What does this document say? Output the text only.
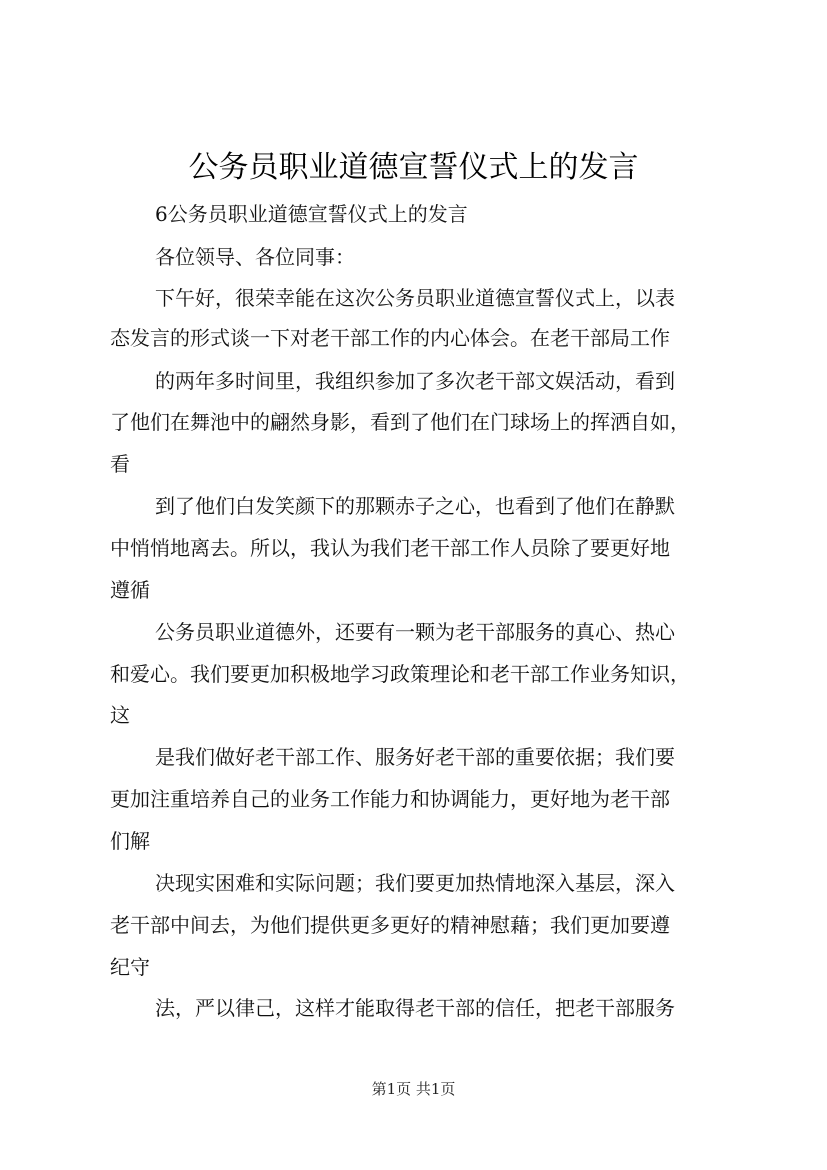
公务员职业道德宣誓仪式上的发言
6公务员职业道德宣誓仪式上的发言
各位领导、各位同事：
下午好，很荣幸能在这次公务员职业道德宣誓仪式上，以表
态发言的形式谈一下对老干部工作的内心体会。在老干部局工作
的两年多时间里，我组织参加了多次老干部文娱活动，看到
了他们在舞池中的翩然身影，看到了他们在门球场上的挥洒自如，
看
到了他们白发笑颜下的那颗赤子之心，也看到了他们在静默
中悄悄地离去。所以，我认为我们老干部工作人员除了要更好地
遵循
公务员职业道德外，还要有一颗为老干部服务的真心、热心
和爱心。我们要更加积极地学习政策理论和老干部工作业务知识，
这
是我们做好老干部工作、服务好老干部的重要依据；我们要
更加注重培养自己的业务工作能力和协调能力，更好地为老干部
们解
决现实困难和实际问题；我们要更加热情地深入基层，深入
老干部中间去，为他们提供更多更好的精神慰藉；我们更加要遵
纪守
法，严以律己，这样才能取得老干部的信任，把老干部服务
第1页 共1页
